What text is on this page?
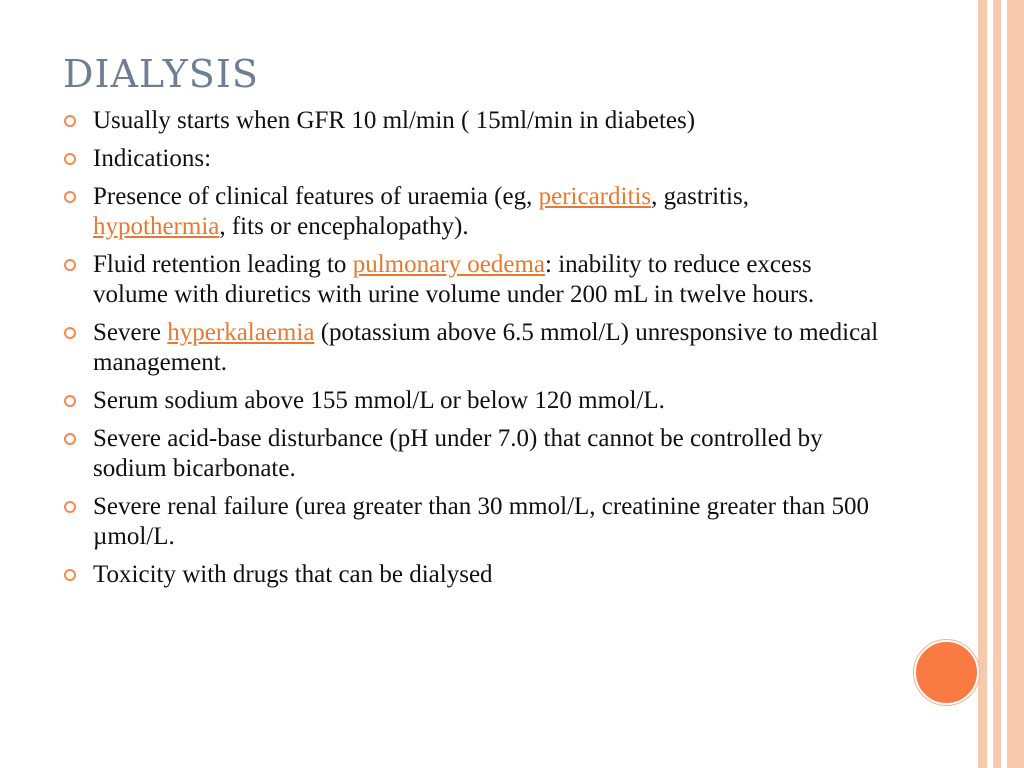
DIALYSIS
Usually starts when GFR 10 ml/min ( 15ml/min in diabetes)
Indications:
Presence of clinical features of uraemia (eg, pericarditis, gastritis, hypothermia, fits or encephalopathy).
Fluid retention leading to pulmonary oedema: inability to reduce excess volume with diuretics with urine volume under 200 mL in twelve hours.
Severe hyperkalaemia (potassium above 6.5 mmol/L) unresponsive to medical management.
Serum sodium above 155 mmol/L or below 120 mmol/L.
Severe acid-base disturbance (pH under 7.0) that cannot be controlled by sodium bicarbonate.
Severe renal failure (urea greater than 30 mmol/L, creatinine greater than 500 µmol/L.
Toxicity with drugs that can be dialysed
